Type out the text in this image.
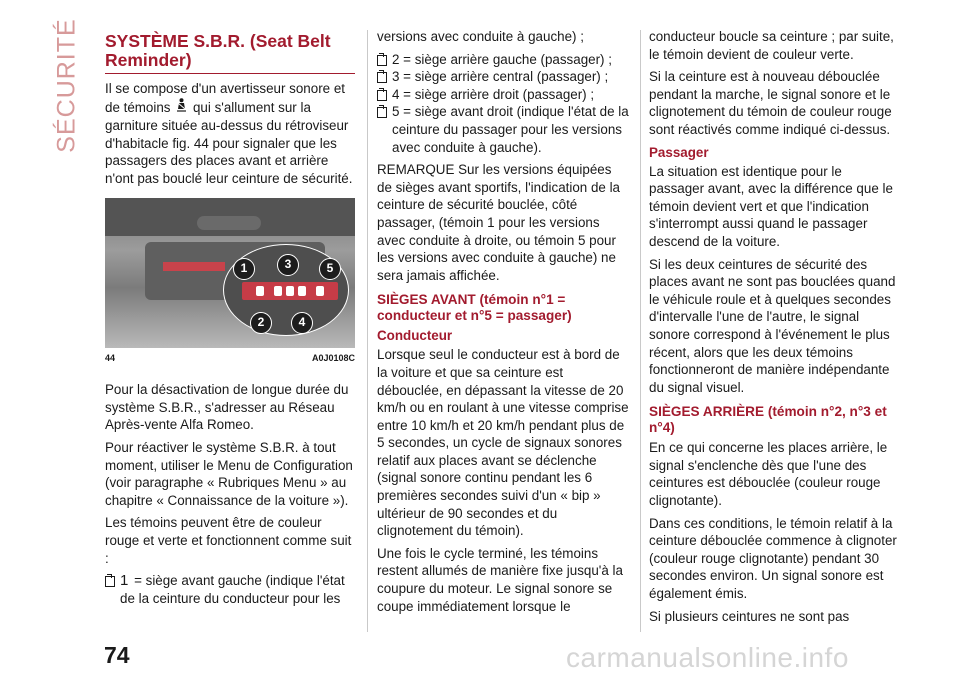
SÉCURITÉ SYSTÈME S.B.R. (Seat Belt Reminder)

Il se compose d'un avertisseur sonore et de témoins qui s'allument sur la garniture située au-dessus du rétroviseur d'habitacle fig. 44 pour signaler que les passagers des places avant et arrière n'ont pas bouclé leur ceinture de sécurité.

1
2
3
4
5
44	A0J0108C

Pour la désactivation de longue durée du système S.B.R., s'adresser au Réseau Après-vente Alfa Romeo.

Pour réactiver le système S.B.R. à tout moment, utiliser le Menu de Configuration (voir paragraphe « Rubriques Menu » au chapitre « Connaissance de la voiture »).

Les témoins peuvent être de couleur rouge et verte et fonctionnent comme suit :

1 = siège avant gauche (indique l'état de la ceinture du conducteur pour les

versions avec conduite à gauche) ;

2 = siège arrière gauche (passager) ;
3 = siège arrière central (passager) ;
4 = siège arrière droit (passager) ;
5 = siège avant droit (indique l'état de la ceinture du passager pour les versions avec conduite à gauche).

REMARQUE Sur les versions équipées de sièges avant sportifs, l'indication de la ceinture de sécurité bouclée, côté passager, (témoin 1 pour les versions avec conduite à droite, ou témoin 5 pour les versions avec conduite à gauche) ne sera jamais affichée.

SIÈGES AVANT (témoin n°1 = conducteur et n°5 = passager)
Conducteur

Lorsque seul le conducteur est à bord de la voiture et que sa ceinture est débouclée, en dépassant la vitesse de 20 km/h ou en roulant à une vitesse comprise entre 10 km/h et 20 km/h pendant plus de 5 secondes, un cycle de signaux sonores relatif aux places avant se déclenche (signal sonore continu pendant les 6 premières secondes suivi d'un « bip » ultérieur de 90 secondes et du clignotement du témoin).

Une fois le cycle terminé, les témoins restent allumés de manière fixe jusqu'à la coupure du moteur. Le signal sonore se coupe immédiatement lorsque le

conducteur boucle sa ceinture ; par suite, le témoin devient de couleur verte.

Si la ceinture est à nouveau débouclée pendant la marche, le signal sonore et le clignotement du témoin de couleur rouge sont réactivés comme indiqué ci-dessus.

Passager

La situation est identique pour le passager avant, avec la différence que le témoin devient vert et que l'indication s'interrompt aussi quand le passager descend de la voiture.

Si les deux ceintures de sécurité des places avant ne sont pas bouclées quand le véhicule roule et à quelques secondes d'intervalle l'une de l'autre, le signal sonore correspond à l'événement le plus récent, alors que les deux témoins fonctionneront de manière indépendante du signal visuel.

SIÈGES ARRIÈRE (témoin n°2, n°3 et n°4)

En ce qui concerne les places arrière, le signal s'enclenche dès que l'une des ceintures est débouclée (couleur rouge clignotante).

Dans ces conditions, le témoin relatif à la ceinture débouclée commence à clignoter (couleur rouge clignotante) pendant 30 secondes environ. Un signal sonore est également émis.

Si plusieurs ceintures ne sont pas

74	carmanualsonline.info
